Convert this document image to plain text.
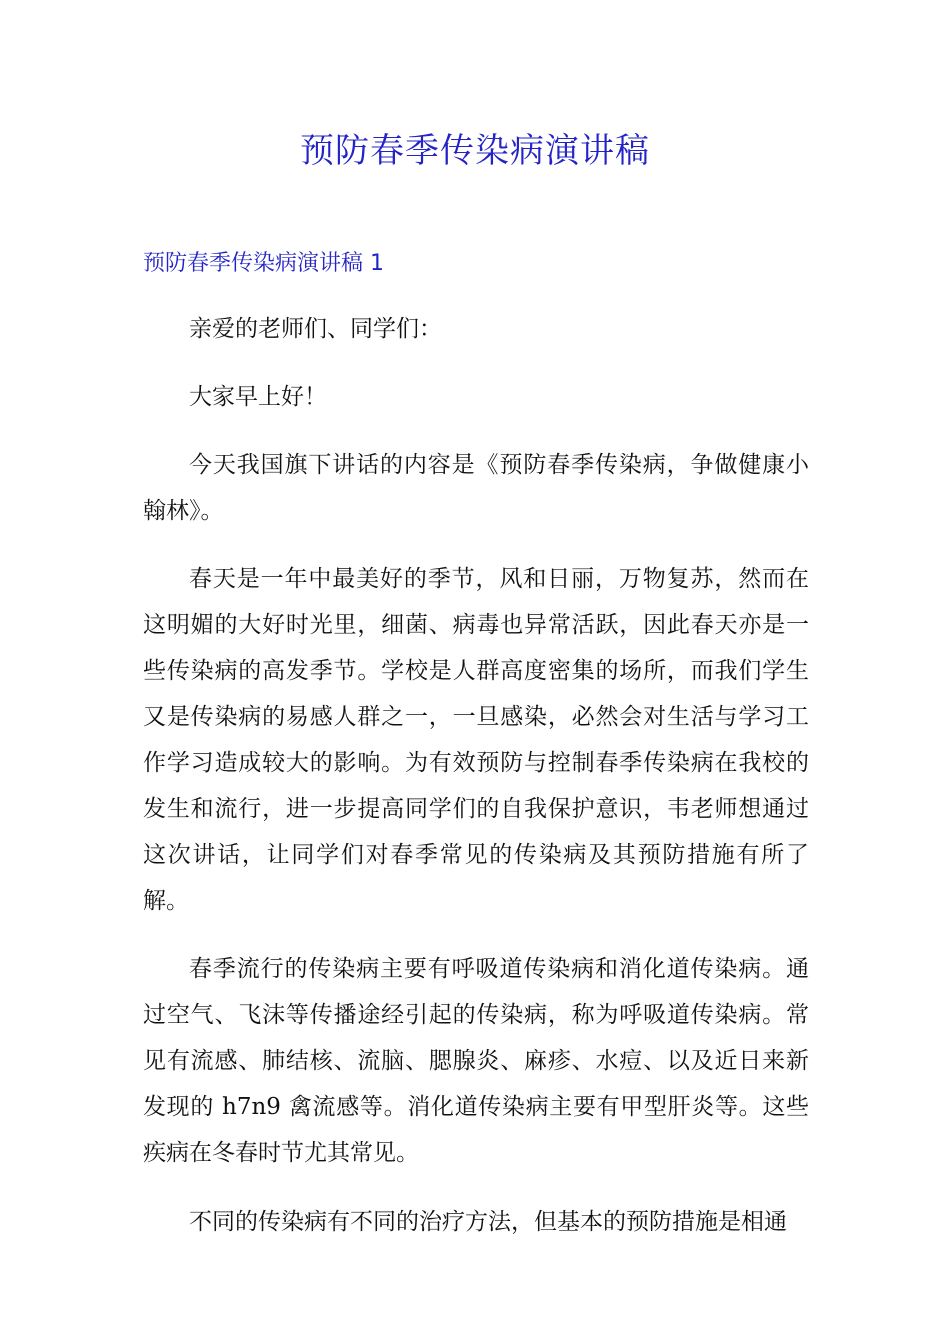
预防春季传染病演讲稿
预防春季传染病演讲稿 1

亲爱的老师们、同学们：

大家早上好！

今天我国旗下讲话的内容是《预防春季传染病，争做健康小翰林》。

春天是一年中最美好的季节，风和日丽，万物复苏，然而在这明媚的大好时光里，细菌、病毒也异常活跃，因此春天亦是一些传染病的高发季节。学校是人群高度密集的场所，而我们学生又是传染病的易感人群之一，一旦感染，必然会对生活与学习工作学习造成较大的影响。为有效预防与控制春季传染病在我校的发生和流行，进一步提高同学们的自我保护意识，韦老师想通过这次讲话，让同学们对春季常见的传染病及其预防措施有所了解。

春季流行的传染病主要有呼吸道传染病和消化道传染病。通过空气、飞沫等传播途经引起的传染病，称为呼吸道传染病。常见有流感、肺结核、流脑、腮腺炎、麻疹、水痘、以及近日来新发现的 h7n9 禽流感等。消化道传染病主要有甲型肝炎等。这些疾病在冬春时节尤其常见。

不同的传染病有不同的治疗方法，但基本的预防措施是相通
